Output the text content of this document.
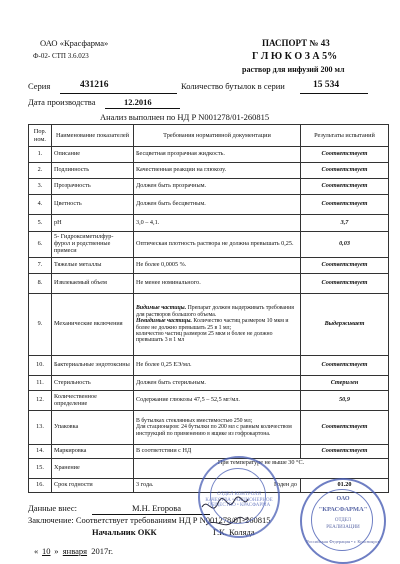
ОАО «Красфарма»
Ф-02- СТП 3.6.023
ПАСПОРТ № 43
Г Л Ю К О З А 5%
раствор для инфузий 200 мл
Серия	431216	Количество бутылок в серии	15 534
Дата производства	12.2016
Анализ выполнен по НД Р N001278/01-260815
Пор. ном.	Наименование показателей	Требования нормативной документации	Результаты испытаний
1.	Описание	Бесцветная прозрачная жидкость.	Соответствует
2.	Подлинность	Качественная реакции на глюкозу.	Соответствует
3.	Прозрачность	Должен быть прозрачным.	Соответствует
4.	Цветность	Должен быть бесцветным.	Соответствует
5.	pH	3,0 – 4,1.	3,7
6.	5- Гидроксиметилфур- фурол и родственные примеси	Оптическая плотность раствора не должна превышать 0,25.	0,03
7.	Тяжелые металлы	Не более 0,0005 %.	Соответствует
8.	Извлекаемый объем	Не менее номинального.	Соответствует
9.	Механические включения	Видимые частицы. Препарат должен выдерживать требования для растворов большого объема.
Невидимые частицы. Количество частиц размером 10 мкм и более не должно превышать 25 в 1 мл;
количество частиц размером 25 мкм и более не должно превышать 3 в 1 мл	Выдерживает
10.	Бактериальные эндотоксины	Не более 0,25 ЕЭ/мл.	Соответствует
11.	Стерильность	Должен быть стерильным.	Стерилен
12.	Количественное определение	Содержание глюкозы 47,5 – 52,5 мг/мл.	50,9
13.	Упаковка	В бутылках стеклянных вместимостью 250 мл;
Для стационаров: 24 бутылки по 200 мл с равным количеством инструкций по применению в ящике из гофрокартона.	Соответствует
14.	Маркировка	В соответствии с НД	Соответствует
15.	Хранение	При температуре не выше 30 °С.	
16.	Срок годности	3 года. Годен до	01.20
Данные внес:	М.Н. Егорова
Заключение: Соответствует требованиям НД Р N001278/01-260815
Начальник ОКК	Г.К. Коляда
« 10 »  января 2017г.
ОТДЕЛ КОНТРОЛЯ КАЧЕСТВА • АКЦИОНЕРНОЕ ОБЩЕСТВО • КРАСФАРМА
ОАО
"КРАСФАРМА"
ОТДЕЛ
РЕАЛИЗАЦИИ
Российская Федерация • г. Красноярск
